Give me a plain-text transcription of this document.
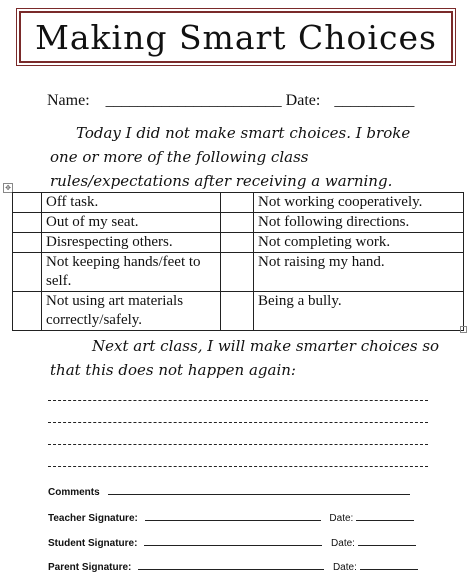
Making Smart Choices
Name: ______________________ Date: __________
Today I did not make smart choices. I broke one or more of the following class rules/expectations after receiving a warning.
✥
	Off task.		Not working cooperatively.
	Out of my seat.		Not following directions.
	Disrespecting others.		Not completing work.
	Not keeping hands/feet to self.		Not raising my hand.
	Not using art materials correctly/safely.		Being a bully.
Next art class, I will make smarter choices so that this does not happen again:
Comments
Teacher Signature:	Date:
Student Signature:	Date:
Parent Signature:	Date:
